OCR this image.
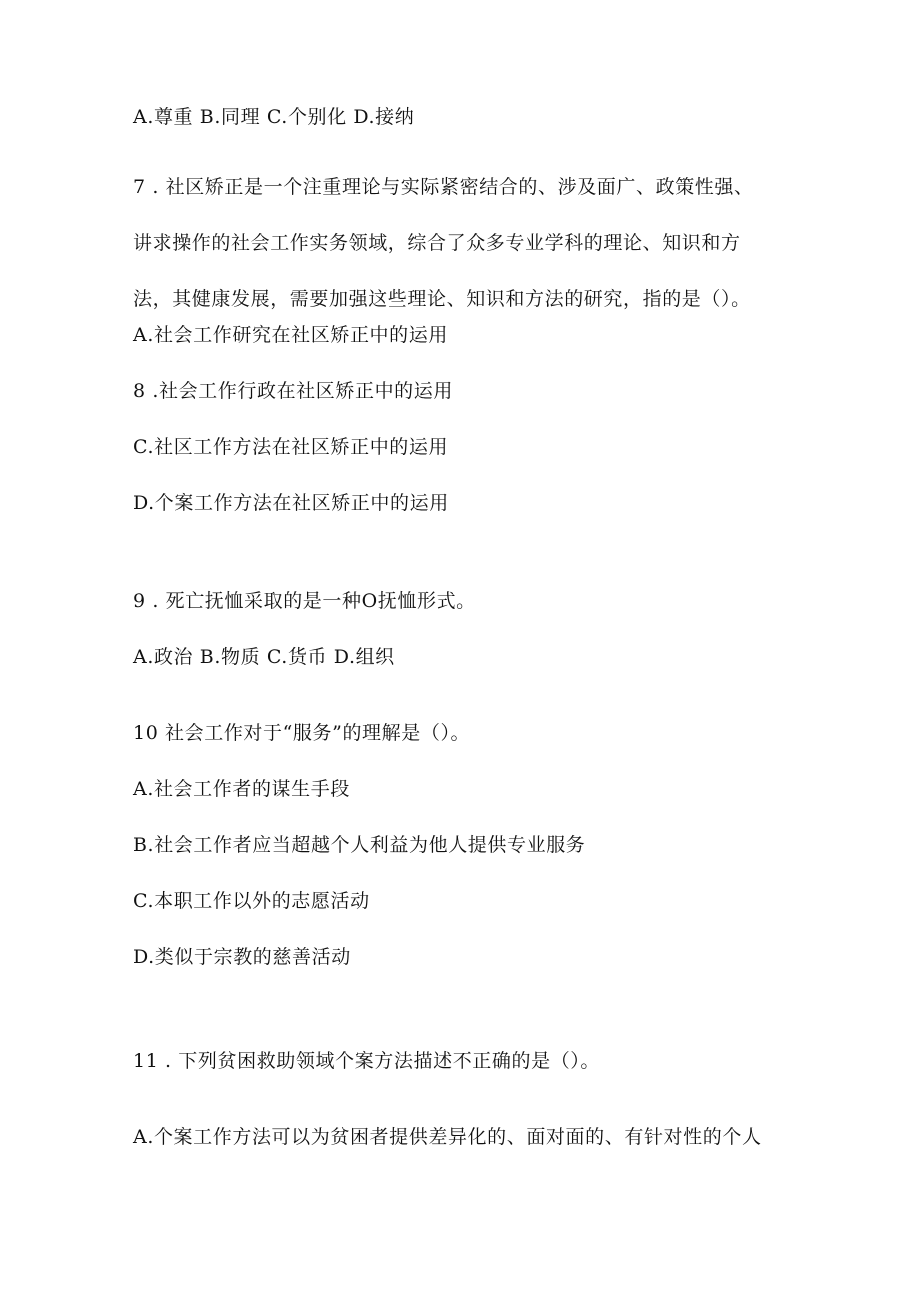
A.尊重 B.同理 C.个别化 D.接纳
7 . 社区矫正是一个注重理论与实际紧密结合的、涉及面广、政策性强、
讲求操作的社会工作实务领域，综合了众多专业学科的理论、知识和方
法，其健康发展，需要加强这些理论、知识和方法的研究，指的是（）。
A.社会工作研究在社区矫正中的运用
8 .社会工作行政在社区矫正中的运用
C.社区工作方法在社区矫正中的运用
D.个案工作方法在社区矫正中的运用
9 . 死亡抚恤采取的是一种O抚恤形式。
A.政治 B.物质 C.货币 D.组织
10 社会工作对于“服务”的理解是（）。
A.社会工作者的谋生手段
B.社会工作者应当超越个人利益为他人提供专业服务
C.本职工作以外的志愿活动
D.类似于宗教的慈善活动
11 . 下列贫困救助领域个案方法描述不正确的是（）。
A.个案工作方法可以为贫困者提供差异化的、面对面的、有针对性的个人
